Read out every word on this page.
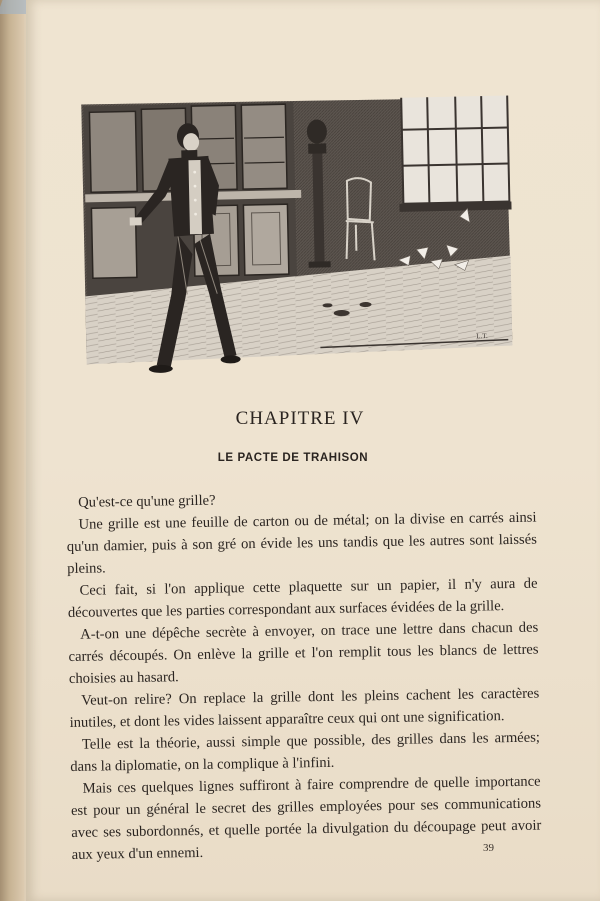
L.T.
CHAPITRE IV
LE PACTE DE TRAHISON

Qu'est-ce qu'une grille?

Une grille est une feuille de carton ou de métal; on la divise en carrés ainsi qu'un damier, puis à son gré on évide les uns tandis que les autres sont laissés pleins.

Ceci fait, si l'on applique cette plaquette sur un papier, il n'y aura de découvertes que les parties correspondant aux surfaces évidées de la grille.

A-t-on une dépêche secrète à envoyer, on trace une lettre dans chacun des carrés découpés. On enlève la grille et l'on remplit tous les blancs de lettres choisies au hasard.

Veut-on relire? On replace la grille dont les pleins cachent les caractères inutiles, et dont les vides laissent apparaître ceux qui ont une signification.

Telle est la théorie, aussi simple que possible, des grilles dans les armées; dans la diplomatie, on la complique à l'infini.

Mais ces quelques lignes suffiront à faire comprendre de quelle importance est pour un général le secret des grilles employées pour ses communications avec ses subordonnés, et quelle portée la divulgation du découpage peut avoir aux yeux d'un ennemi.	39
